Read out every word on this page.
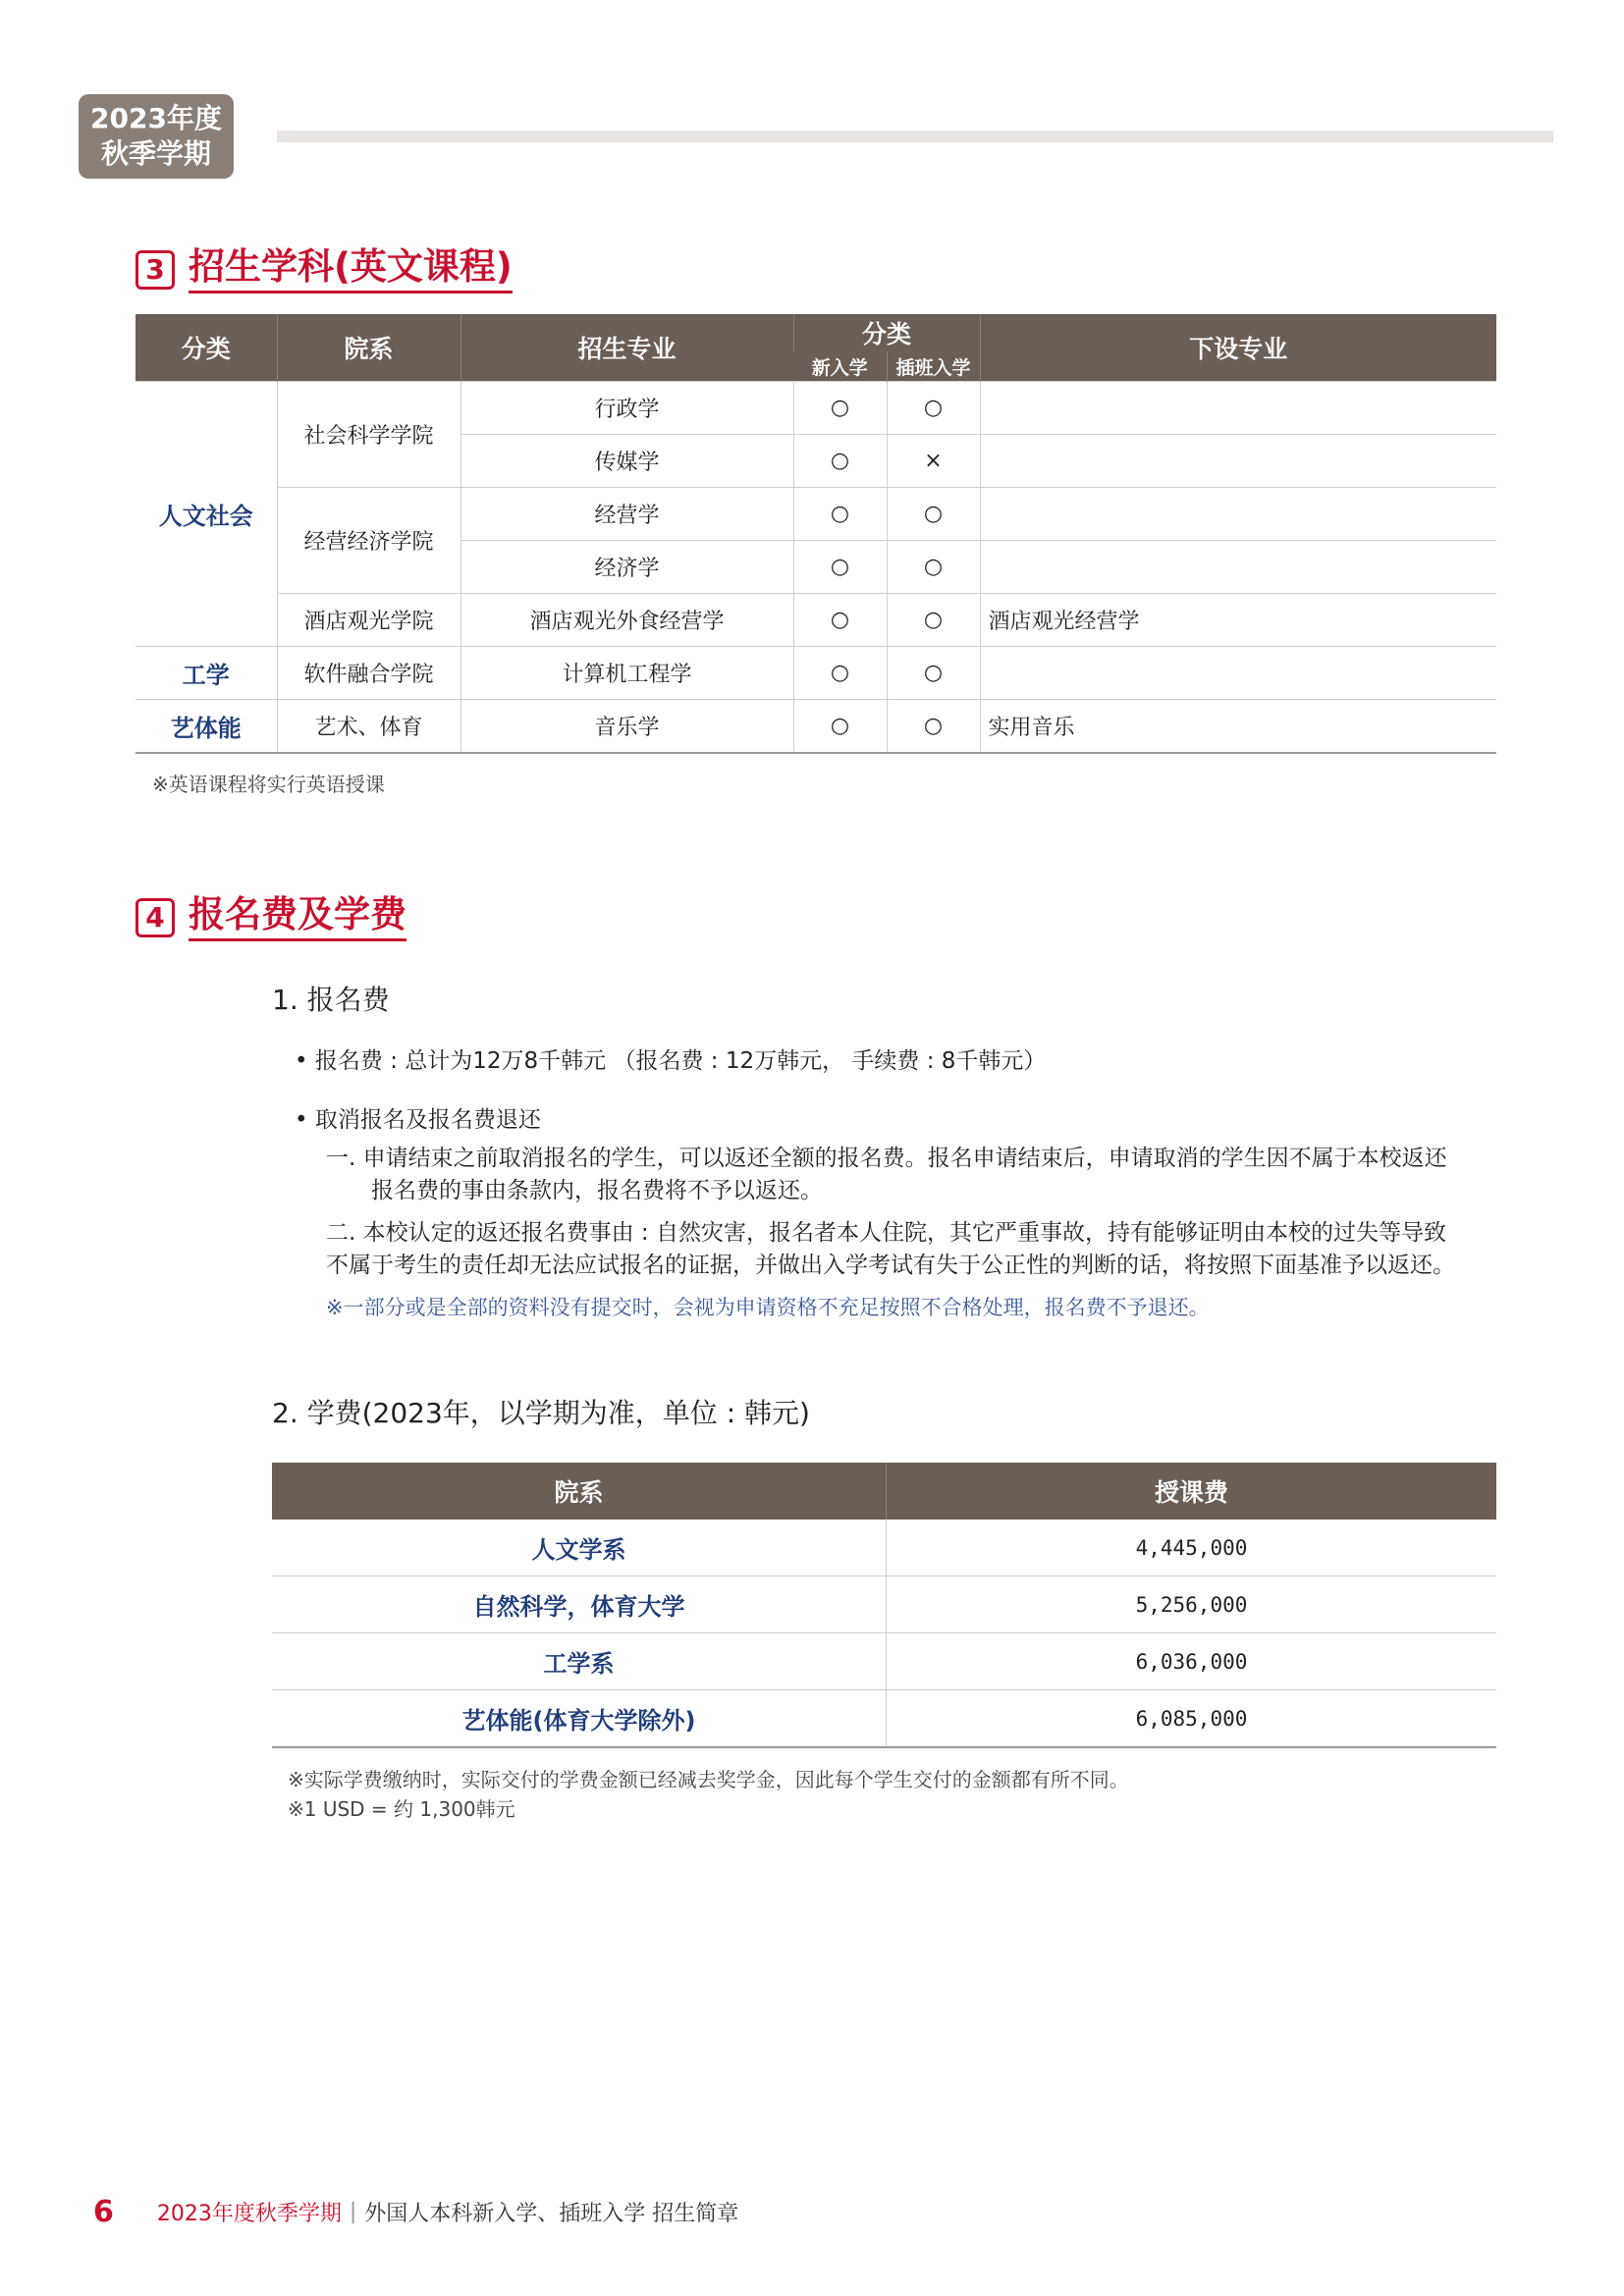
2023年度
秋季学期
3 招生学科(英文课程)
分类	院系	招生专业	分类		下设专业
			新入学	插班入学	
人文社会	社会科学学院	行政学	○	○	
		传媒学	○	×	
	经营经济学院	经营学	○	○	
		经济学	○	○	
	酒店观光学院	酒店观光外食经营学	○	○	酒店观光经营学
工学	软件融合学院	计算机工程学	○	○	
艺体能	艺术、体育	音乐学	○	○	实用音乐
※英语课程将实行英语授课
4 报名费及学费
1. 报名费
• 报名费 : 总计为12万8千韩元 （报名费 : 12万韩元， 手续费 : 8千韩元）
• 取消报名及报名费退还
一. 申请结束之前取消报名的学生，可以返还全额的报名费。报名申请结束后，申请取消的学生因不属于本校返还
报名费的事由条款内，报名费将不予以返还。
二. 本校认定的返还报名费事由 : 自然灾害，报名者本人住院，其它严重事故，持有能够证明由本校的过失等导致
不属于考生的责任却无法应试报名的证据，并做出入学考试有失于公正性的判断的话，将按照下面基准予以返还。
※一部分或是全部的资料没有提交时，会视为申请资格不充足按照不合格处理，报名费不予退还。
2. 学费(2023年，以学期为准，单位 : 韩元)
院系	授课费
人文学系	4,445,000
自然科学，体育大学	5,256,000
工学系	6,036,000
艺体能(体育大学除外)	6,085,000
※实际学费缴纳时，实际交付的学费金额已经减去奖学金，因此每个学生交付的金额都有所不同。
※1 USD = 约 1,300韩元
6 2023年度秋季学期 | 外国人本科新入学、插班入学 招生简章
